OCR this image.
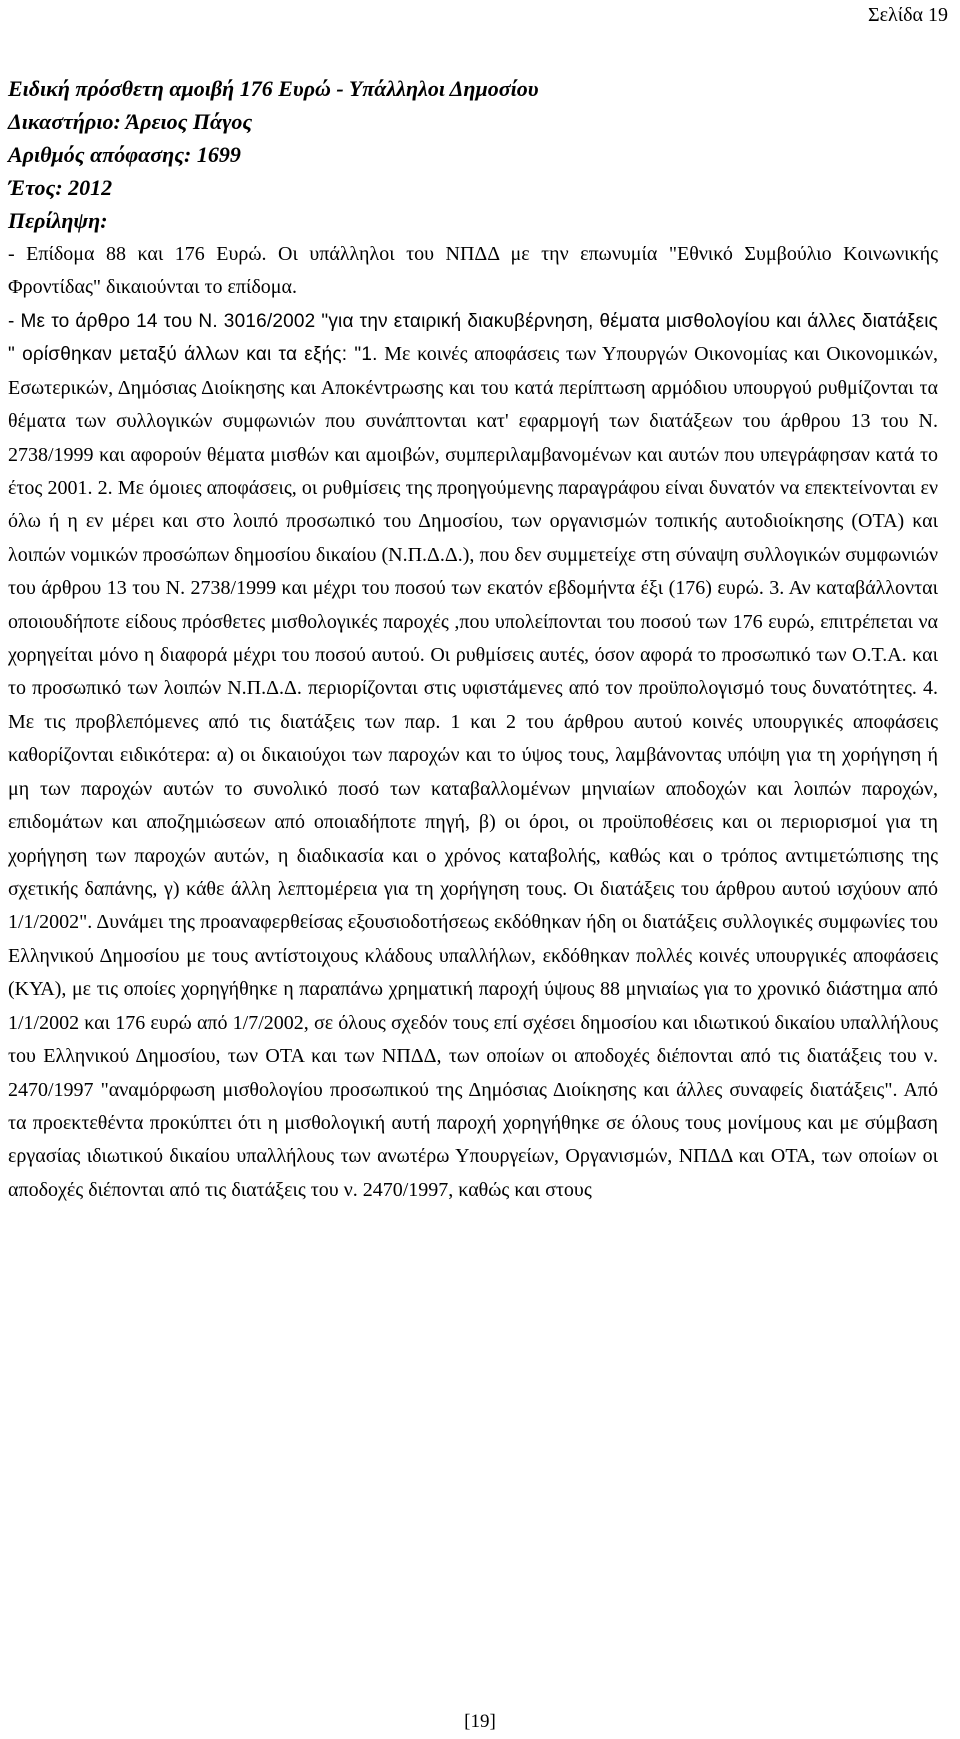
Σελίδα 19
Ειδική πρόσθετη αμοιβή 176 Ευρώ - Υπάλληλοι Δημοσίου
Δικαστήριο: Άρειος Πάγος
Αριθμός απόφασης: 1699
Έτος: 2012
Περίληψη:
- Επίδομα 88 και 176 Ευρώ. Οι υπάλληλοι του ΝΠΔΔ με την επωνυμία "Εθνικό Συμβούλιο Κοινωνικής Φροντίδας" δικαιούνται το επίδομα.
- Με το άρθρο 14 του Ν. 3016/2002 "για την εταιρική διακυβέρνηση, θέματα μισθολογίου και άλλες διατάξεις " ορίσθηκαν μεταξύ άλλων και τα εξής: "1. Με κοινές αποφάσεις των Υπουργών Οικονομίας και Οικονομικών, Εσωτερικών, Δημόσιας Διοίκησης και Αποκέντρωσης και του κατά περίπτωση αρμόδιου υπουργού ρυθμίζονται τα θέματα των συλλογικών συμφωνιών που συνάπτονται κατ' εφαρμογή των διατάξεων του άρθρου 13 του Ν. 2738/1999 και αφορούν θέματα μισθών και αμοιβών, συμπεριλαμβανομένων και αυτών που υπεγράφησαν κατά το έτος 2001. 2. Με όμοιες αποφάσεις, οι ρυθμίσεις της προηγούμενης παραγράφου είναι δυνατόν να επεκτείνονται εν όλω ή η εν μέρει και στο λοιπό προσωπικό του Δημοσίου, των οργανισμών τοπικής αυτοδιοίκησης (ΟΤΑ) και λοιπών νομικών προσώπων δημοσίου δικαίου (Ν.Π.Δ.Δ.), που δεν συμμετείχε στη σύναψη συλλογικών συμφωνιών του άρθρου 13 του Ν. 2738/1999 και μέχρι του ποσού των εκατόν εβδομήντα έξι (176) ευρώ. 3. Αν καταβάλλονται οποιουδήποτε είδους πρόσθετες μισθολογικές παροχές ,που υπολείπονται του ποσού των 176 ευρώ, επιτρέπεται να χορηγείται μόνο η διαφορά μέχρι του ποσού αυτού. Οι ρυθμίσεις αυτές, όσον αφορά το προσωπικό των Ο.Τ.Α. και το προσωπικό των λοιπών Ν.Π.Δ.Δ. περιορίζονται στις υφιστάμενες από τον προϋπολογισμό τους δυνατότητες. 4. Με τις προβλεπόμενες από τις διατάξεις των παρ. 1 και 2 του άρθρου αυτού κοινές υπουργικές αποφάσεις καθορίζονται ειδικότερα: α) οι δικαιούχοι των παροχών και το ύψος τους, λαμβάνοντας υπόψη για τη χορήγηση ή μη των παροχών αυτών το συνολικό ποσό των καταβαλλομένων μηνιαίων αποδοχών και λοιπών παροχών, επιδομάτων και αποζημιώσεων από οποιαδήποτε πηγή, β) οι όροι, οι προϋποθέσεις και οι περιορισμοί για τη χορήγηση των παροχών αυτών, η διαδικασία και ο χρόνος καταβολής, καθώς και ο τρόπος αντιμετώπισης της σχετικής δαπάνης, γ) κάθε άλλη λεπτομέρεια για τη χορήγηση τους. Οι διατάξεις του άρθρου αυτού ισχύουν από 1/1/2002". Δυνάμει της προαναφερθείσας εξουσιοδοτήσεως εκδόθηκαν ήδη οι διατάξεις συλλογικές συμφωνίες του Ελληνικού Δημοσίου με τους αντίστοιχους κλάδους υπαλλήλων, εκδόθηκαν πολλές κοινές υπουργικές αποφάσεις (ΚΥΑ), με τις οποίες χορηγήθηκε η παραπάνω χρηματική παροχή ύψους 88 μηνιαίως για το χρονικό διάστημα από 1/1/2002 και 176 ευρώ από 1/7/2002, σε όλους σχεδόν τους επί σχέσει δημοσίου και ιδιωτικού δικαίου υπαλλήλους του Ελληνικού Δημοσίου, των ΟΤΑ και των ΝΠΔΔ, των οποίων οι αποδοχές διέπονται από τις διατάξεις του ν. 2470/1997 "αναμόρφωση μισθολογίου προσωπικού της Δημόσιας Διοίκησης και άλλες συναφείς διατάξεις". Από τα προεκτεθέντα προκύπτει ότι η μισθολογική αυτή παροχή χορηγήθηκε σε όλους τους μονίμους και με σύμβαση εργασίας ιδιωτικού δικαίου υπαλλήλους των ανωτέρω Υπουργείων, Οργανισμών, ΝΠΔΔ και ΟΤΑ, των οποίων οι αποδοχές διέπονται από τις διατάξεις του ν. 2470/1997, καθώς και στους
[19]
